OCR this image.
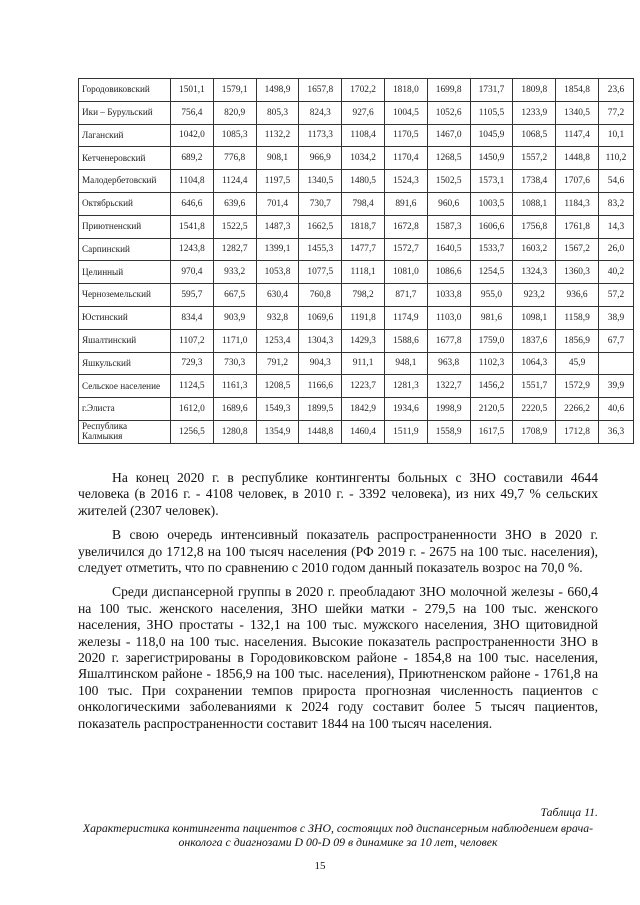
Городовиковский	1501,1	1579,1	1498,9	1657,8	1702,2	1818,0	1699,8	1731,7	1809,8	1854,8	23,6
Ики – Бурульский	756,4	820,9	805,3	824,3	927,6	1004,5	1052,6	1105,5	1233,9	1340,5	77,2
Лаганский	1042,0	1085,3	1132,2	1173,3	1108,4	1170,5	1467,0	1045,9	1068,5	1147,4	10,1
Кетченеровский	689,2	776,8	908,1	966,9	1034,2	1170,4	1268,5	1450,9	1557,2	1448,8	110,2
Малодербетовский	1104,8	1124,4	1197,5	1340,5	1480,5	1524,3	1502,5	1573,1	1738,4	1707,6	54,6
Октябрьский	646,6	639,6	701,4	730,7	798,4	891,6	960,6	1003,5	1088,1	1184,3	83,2
Приютненский	1541,8	1522,5	1487,3	1662,5	1818,7	1672,8	1587,3	1606,6	1756,8	1761,8	14,3
Сарпинский	1243,8	1282,7	1399,1	1455,3	1477,7	1572,7	1640,5	1533,7	1603,2	1567,2	26,0
Целинный	970,4	933,2	1053,8	1077,5	1118,1	1081,0	1086,6	1254,5	1324,3	1360,3	40,2
Черноземельский	595,7	667,5	630,4	760,8	798,2	871,7	1033,8	955,0	923,2	936,6	57,2
Юстинский	834,4	903,9	932,8	1069,6	1191,8	1174,9	1103,0	981,6	1098,1	1158,9	38,9
Яшалтинский	1107,2	1171,0	1253,4	1304,3	1429,3	1588,6	1677,8	1759,0	1837,6	1856,9	67,7
Яшкульский	729,3	730,3	791,2	904,3	911,1	948,1	963,8	1102,3	1064,3	45,9	
Сельское население	1124,5	1161,3	1208,5	1166,6	1223,7	1281,3	1322,7	1456,2	1551,7	1572,9	39,9
г.Элиста	1612,0	1689,6	1549,3	1899,5	1842,9	1934,6	1998,9	2120,5	2220,5	2266,2	40,6
Республика Калмыкия	1256,5	1280,8	1354,9	1448,8	1460,4	1511,9	1558,9	1617,5	1708,9	1712,8	36,3

На конец 2020 г. в республике контингенты больных с ЗНО составили 4644 человека (в 2016 г. - 4108 человек, в 2010 г. - 3392 человека), из них 49,7 % сельских жителей (2307 человек).

В свою очередь интенсивный показатель распространенности ЗНО в 2020 г. увеличился до 1712,8 на 100 тысяч населения (РФ 2019 г. - 2675 на 100 тыс. населения), следует отметить, что по сравнению с 2010 годом данный показатель возрос на 70,0 %.

Среди диспансерной группы в 2020 г. преобладают ЗНО молочной железы - 660,4 на 100 тыс. женского населения, ЗНО шейки матки - 279,5 на 100 тыс. женского населения, ЗНО простаты - 132,1 на 100 тыс. мужского населения, ЗНО щитовидной железы - 118,0 на 100 тыс. населения. Высокие показатель распространенности ЗНО в 2020 г. зарегистрированы в Городовиковском районе - 1854,8 на 100 тыс. населения, Яшалтинском районе - 1856,9 на 100 тыс. населения), Приютненском районе - 1761,8 на 100 тыс. При сохранении темпов прироста прогнозная численность пациентов с онкологическими заболеваниями к 2024 году составит более 5 тысяч пациентов, показатель распространенности составит 1844 на 100 тысяч населения.

Таблица 11.
Характеристика контингента пациентов с ЗНО, состоящих под диспансерным наблюдением врача-онколога с диагнозами D 00-D 09 в динамике за 10 лет, человек
15
